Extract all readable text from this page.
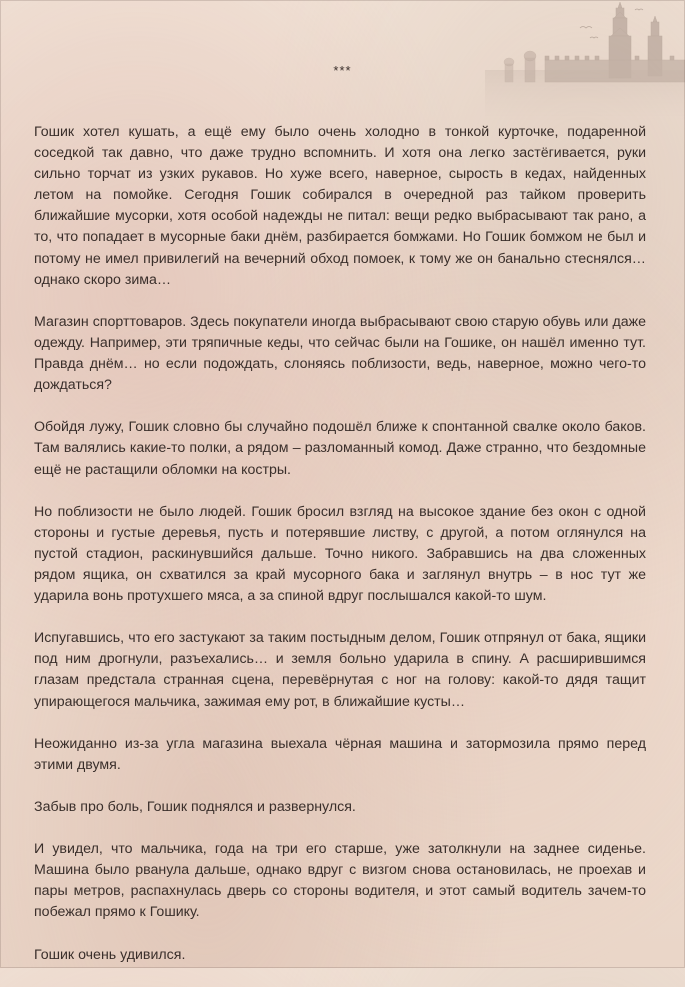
***

Гошик хотел кушать, а ещё ему было очень холодно в тонкой курточке, подаренной соседкой так давно, что даже трудно вспомнить. И хотя она легко застёгивается, руки сильно торчат из узких рукавов. Но хуже всего, наверное, сырость в кедах, найденных летом на помойке. Сегодня Гошик собирался в очередной раз тайком проверить ближайшие мусорки, хотя особой надежды не питал: вещи редко выбрасывают так рано, а то, что попадает в мусорные баки днём, разбирается бомжами. Но Гошик бомжом не был и потому не имел привилегий на вечерний обход помоек, к тому же он банально стеснялся… однако скоро зима…

Магазин спорттоваров. Здесь покупатели иногда выбрасывают свою старую обувь или даже одежду. Например, эти тряпичные кеды, что сейчас были на Гошике, он нашёл именно тут. Правда днём… но если подождать, слоняясь поблизости, ведь, наверное, можно чего-то дождаться?

Обойдя лужу, Гошик словно бы случайно подошёл ближе к спонтанной свалке около баков. Там валялись какие-то полки, а рядом – разломанный комод. Даже странно, что бездомные ещё не растащили обломки на костры.

Но поблизости не было людей. Гошик бросил взгляд на высокое здание без окон с одной стороны и густые деревья, пусть и потерявшие листву, с другой, а потом оглянулся на пустой стадион, раскинувшийся дальше. Точно никого. Забравшись на два сложенных рядом ящика, он схватился за край мусорного бака и заглянул внутрь – в нос тут же ударила вонь протухшего мяса, а за спиной вдруг послышался какой-то шум.

Испугавшись, что его застукают за таким постыдным делом, Гошик отпрянул от бака, ящики под ним дрогнули, разъехались… и земля больно ударила в спину. А расширившимся глазам предстала странная сцена, перевёрнутая с ног на голову: какой-то дядя тащит упирающегося мальчика, зажимая ему рот, в ближайшие кусты…

Неожиданно из-за угла магазина выехала чёрная машина и затормозила прямо перед этими двумя.

Забыв про боль, Гошик поднялся и развернулся.

И увидел, что мальчика, года на три его старше, уже затолкнули на заднее сиденье. Машина было рванула дальше, однако вдруг с визгом снова остановилась, не проехав и пары метров, распахнулась дверь со стороны водителя, и этот самый водитель зачем-то побежал прямо к Гошику.

Гошик очень удивился.
